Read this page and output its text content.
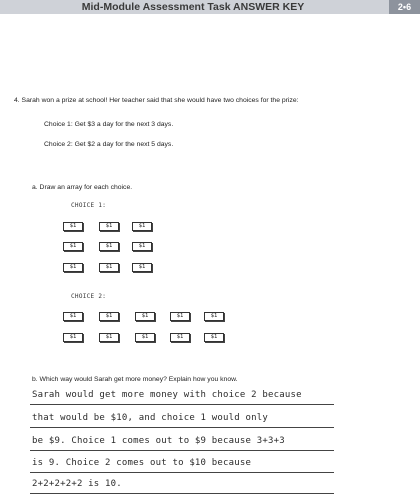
Mid-Module Assessment Task ANSWER KEY	2•6
4. Sarah won a prize at school! Her teacher said that she would have two choices for the prize:
Choice 1: Get $3 a day for the next 3 days.
Choice 2: Get $2 a day for the next 5 days.
a. Draw an array for each choice.
CHOICE 1:
CHOICE 2:
$1	$1	$1
$1	$1	$1
$1	$1	$1
$1	$1	$1	$1	$1
$1	$1	$1	$1	$1
b. Which way would Sarah get more money? Explain how you know.
Sarah would get more money with choice 2 because
that would be $10, and choice 1 would only
be $9. Choice 1 comes out to $9 because 3+3+3
is 9. Choice 2 comes out to $10 because
2+2+2+2+2 is 10.
